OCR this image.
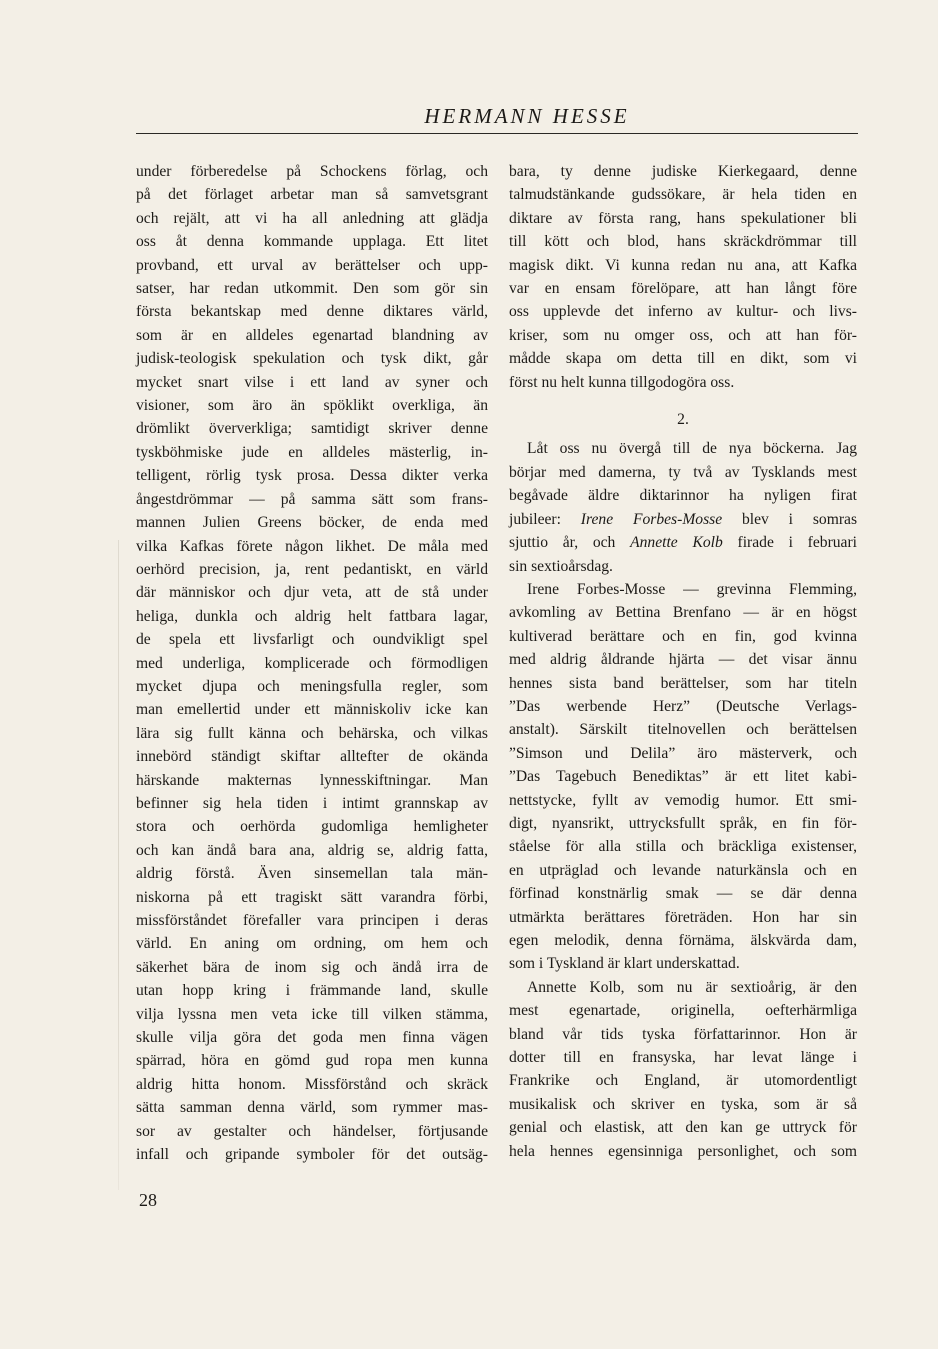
HERMANN HESSE
under förberedelse på Schockens förlag, och
på det förlaget arbetar man så samvetsgrant
och rejält, att vi ha all anledning att glädja
oss åt denna kommande upplaga. Ett litet
provband, ett urval av berättelser och upp-
satser, har redan utkommit. Den som gör sin
första bekantskap med denne diktares värld,
som är en alldeles egenartad blandning av
judisk-teologisk spekulation och tysk dikt, går
mycket snart vilse i ett land av syner och
visioner, som äro än spöklikt overkliga, än
drömlikt öververkliga; samtidigt skriver denne
tyskböhmiske jude en alldeles mästerlig, in-
telligent, rörlig tysk prosa. Dessa dikter verka
ångestdrömmar — på samma sätt som frans-
mannen Julien Greens böcker, de enda med
vilka Kafkas förete någon likhet. De måla med
oerhörd precision, ja, rent pedantiskt, en värld
där människor och djur veta, att de stå under
heliga, dunkla och aldrig helt fattbara lagar,
de spela ett livsfarligt och oundvikligt spel
med underliga, komplicerade och förmodligen
mycket djupa och meningsfulla regler, som
man emellertid under ett människoliv icke kan
lära sig fullt känna och behärska, och vilkas
innebörd ständigt skiftar alltefter de okända
härskande makternas lynnesskiftningar. Man
befinner sig hela tiden i intimt grannskap av
stora och oerhörda gudomliga hemligheter
och kan ändå bara ana, aldrig se, aldrig fatta,
aldrig förstå. Även sinsemellan tala män-
niskorna på ett tragiskt sätt varandra förbi,
missförståndet förefaller vara principen i deras
värld. En aning om ordning, om hem och
säkerhet bära de inom sig och ändå irra de
utan hopp kring i främmande land, skulle
vilja lyssna men veta icke till vilken stämma,
skulle vilja göra det goda men finna vägen
spärrad, höra en gömd gud ropa men kunna
aldrig hitta honom. Missförstånd och skräck
sätta samman denna värld, som rymmer mas-
sor av gestalter och händelser, förtjusande
infall och gripande symboler för det outsäg-
bara, ty denne judiske Kierkegaard, denne
talmudstänkande gudssökare, är hela tiden en
diktare av första rang, hans spekulationer bli
till kött och blod, hans skräckdrömmar till
magisk dikt. Vi kunna redan nu ana, att Kafka
var en ensam förelöpare, att han långt före
oss upplevde det inferno av kultur- och livs-
kriser, som nu omger oss, och att han för-
mådde skapa om detta till en dikt, som vi
först nu helt kunna tillgodogöra oss.
2.
Låt oss nu övergå till de nya böckerna. Jag
börjar med damerna, ty två av Tysklands mest
begåvade äldre diktarinnor ha nyligen firat
jubileer: Irene Forbes-Mosse blev i somras
sjuttio år, och Annette Kolb firade i februari
sin sextioårsdag.
Irene Forbes-Mosse — grevinna Flemming,
avkomling av Bettina Brenfano — är en högst
kultiverad berättare och en fin, god kvinna
med aldrig åldrande hjärta — det visar ännu
hennes sista band berättelser, som har titeln
”Das werbende Herz” (Deutsche Verlags-
anstalt). Särskilt titelnovellen och berättelsen
”Simson und Delila” äro mästerverk, och
”Das Tagebuch Benediktas” är ett litet kabi-
nettstycke, fyllt av vemodig humor. Ett smi-
digt, nyansrikt, uttrycksfullt språk, en fin för-
ståelse för alla stilla och bräckliga existenser,
en utpräglad och levande naturkänsla och en
förfinad konstnärlig smak — se där denna
utmärkta berättares företräden. Hon har sin
egen melodik, denna förnäma, älskvärda dam,
som i Tyskland är klart underskattad.
Annette Kolb, som nu är sextioårig, är den
mest egenartade, originella, oefterhärmliga
bland vår tids tyska författarinnor. Hon är
dotter till en fransyska, har levat länge i
Frankrike och England, är utomordentligt
musikalisk och skriver en tyska, som är så
genial och elastisk, att den kan ge uttryck för
hela hennes egensinniga personlighet, och som
28
